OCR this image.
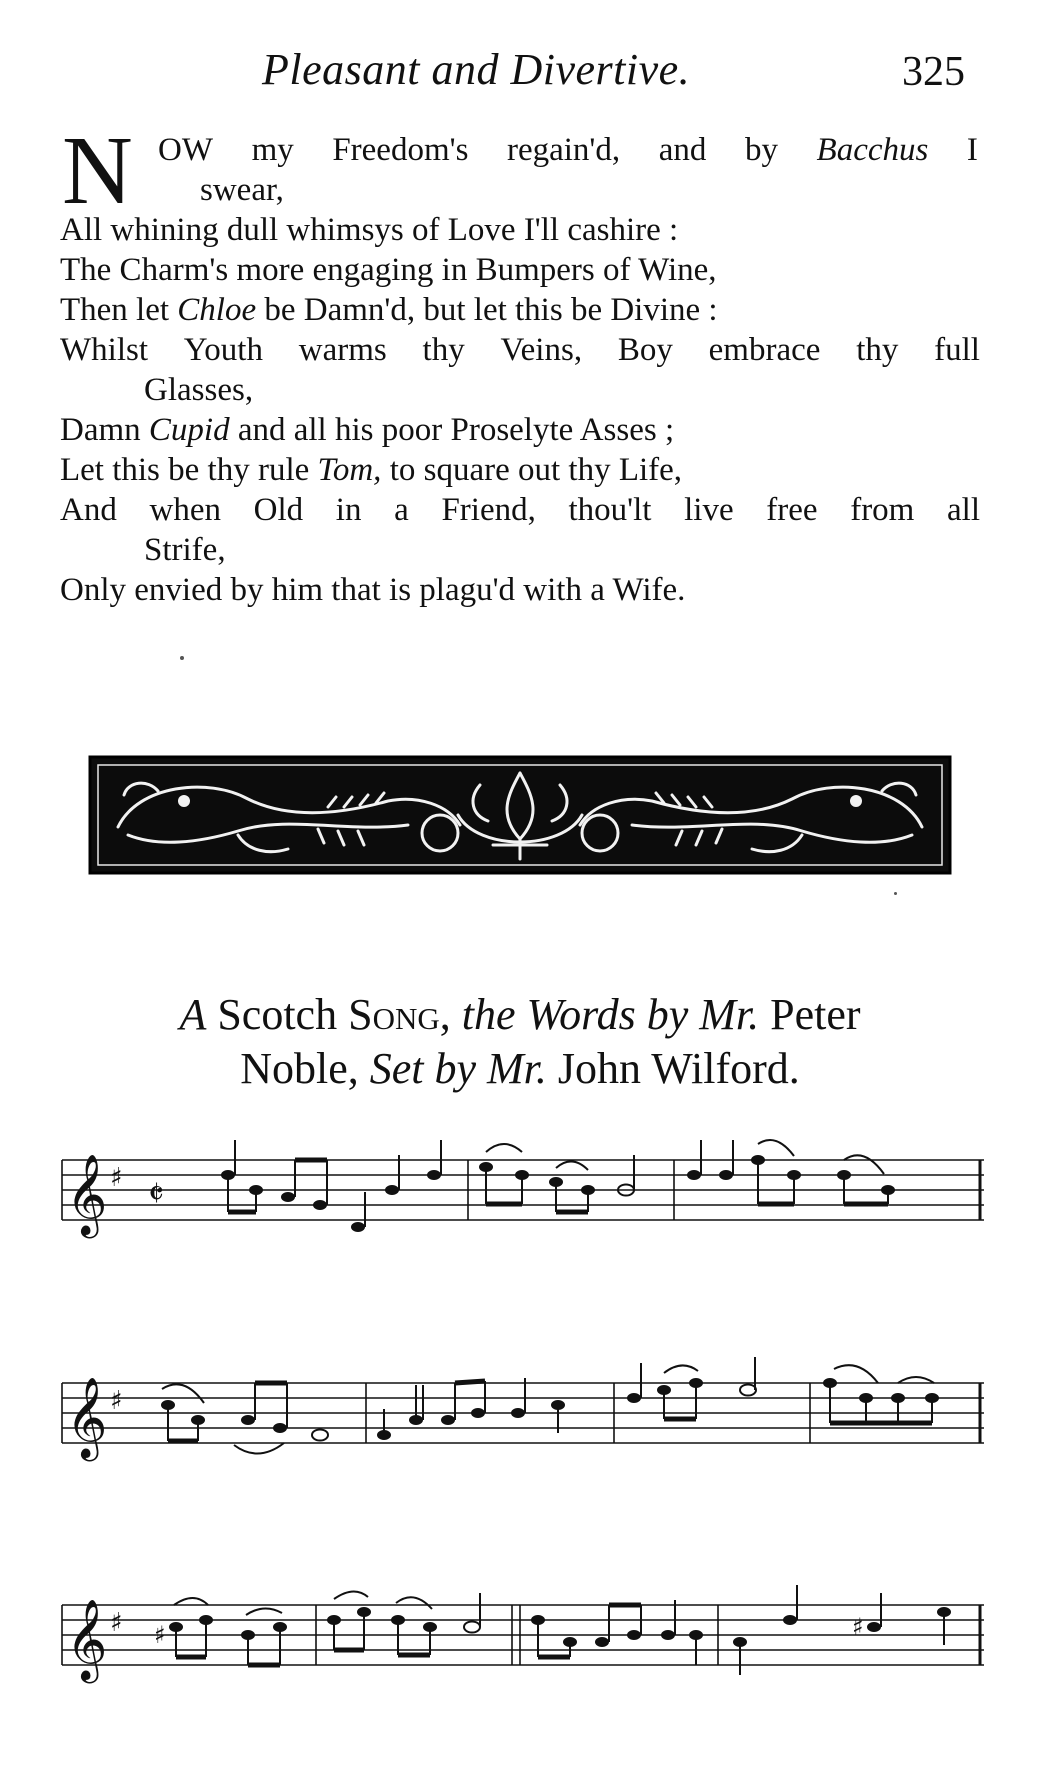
Pleasant and Divertive.	325
N OW my Freedom's regain'd, and by Bacchus I
swear,
All whining dull whimsys of Love I'll cashire :
The Charm's more engaging in Bumpers of Wine,
Then let Chloe be Damn'd, but let this be Divine :
Whilst Youth warms thy Veins, Boy embrace thy full
Glasses,
Damn Cupid and all his poor Proselyte Asses ;
Let this be thy rule Tom, to square out thy Life,
And when Old in a Friend, thou'lt live free from all
Strife,
Only envied by him that is plagu'd with a Wife.
A Scotch Song, the Words by Mr. Peter
Noble, Set by Mr. John Wilford.
𝄞 ♯ 𝄵
𝄞 ♯
𝄞 ♯ ♯	♯
